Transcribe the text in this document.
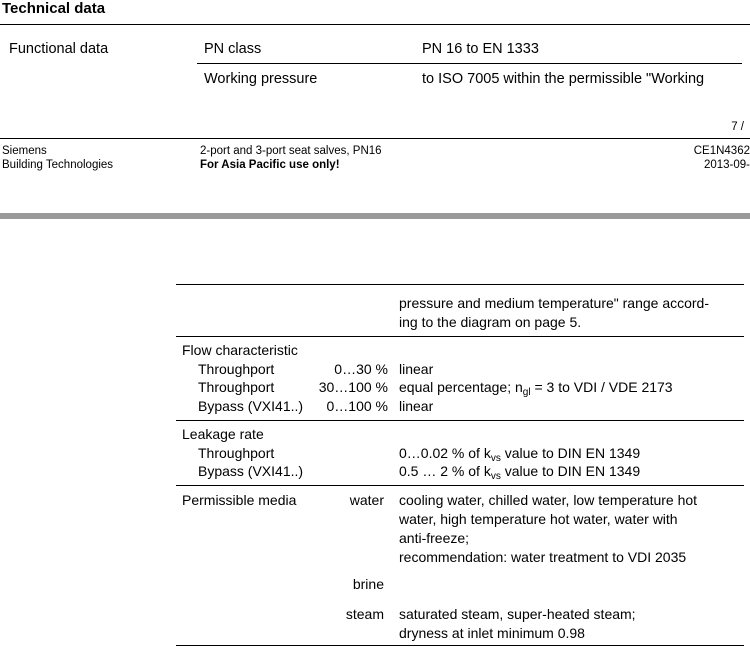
Technical data
Functional data	PN class	PN 16 to EN 1333
Working pressure	to ISO 7005 within the permissible "Working
7 /
Siemens
Building Technologies
2-port and 3-port seat salves, PN16
For Asia Pacific use only!
CE1N4362
2013-09-
pressure and medium temperature" range accord-
ing to the diagram on page 5.
Flow characteristic
Throughport	0…30 % linear
Throughport	30…100 % equal percentage; $n_{gl} = 3$ to VDI / VDE 2173
Bypass (VXI41..) 0…100 % linear
Leakage rate
Throughport	0…0.02 % of $k_{vs}$ value to DIN EN 1349
Bypass (VXI41..)	0.5 … 2 % of $k_{vs}$ value to DIN EN 1349
Permissible media	water cooling water, chilled water, low temperature hot
water, high temperature hot water, water with
anti-freeze;
recommendation: water treatment to VDI 2035
brine
steam saturated steam, super-heated steam;
dryness at inlet minimum 0.98
